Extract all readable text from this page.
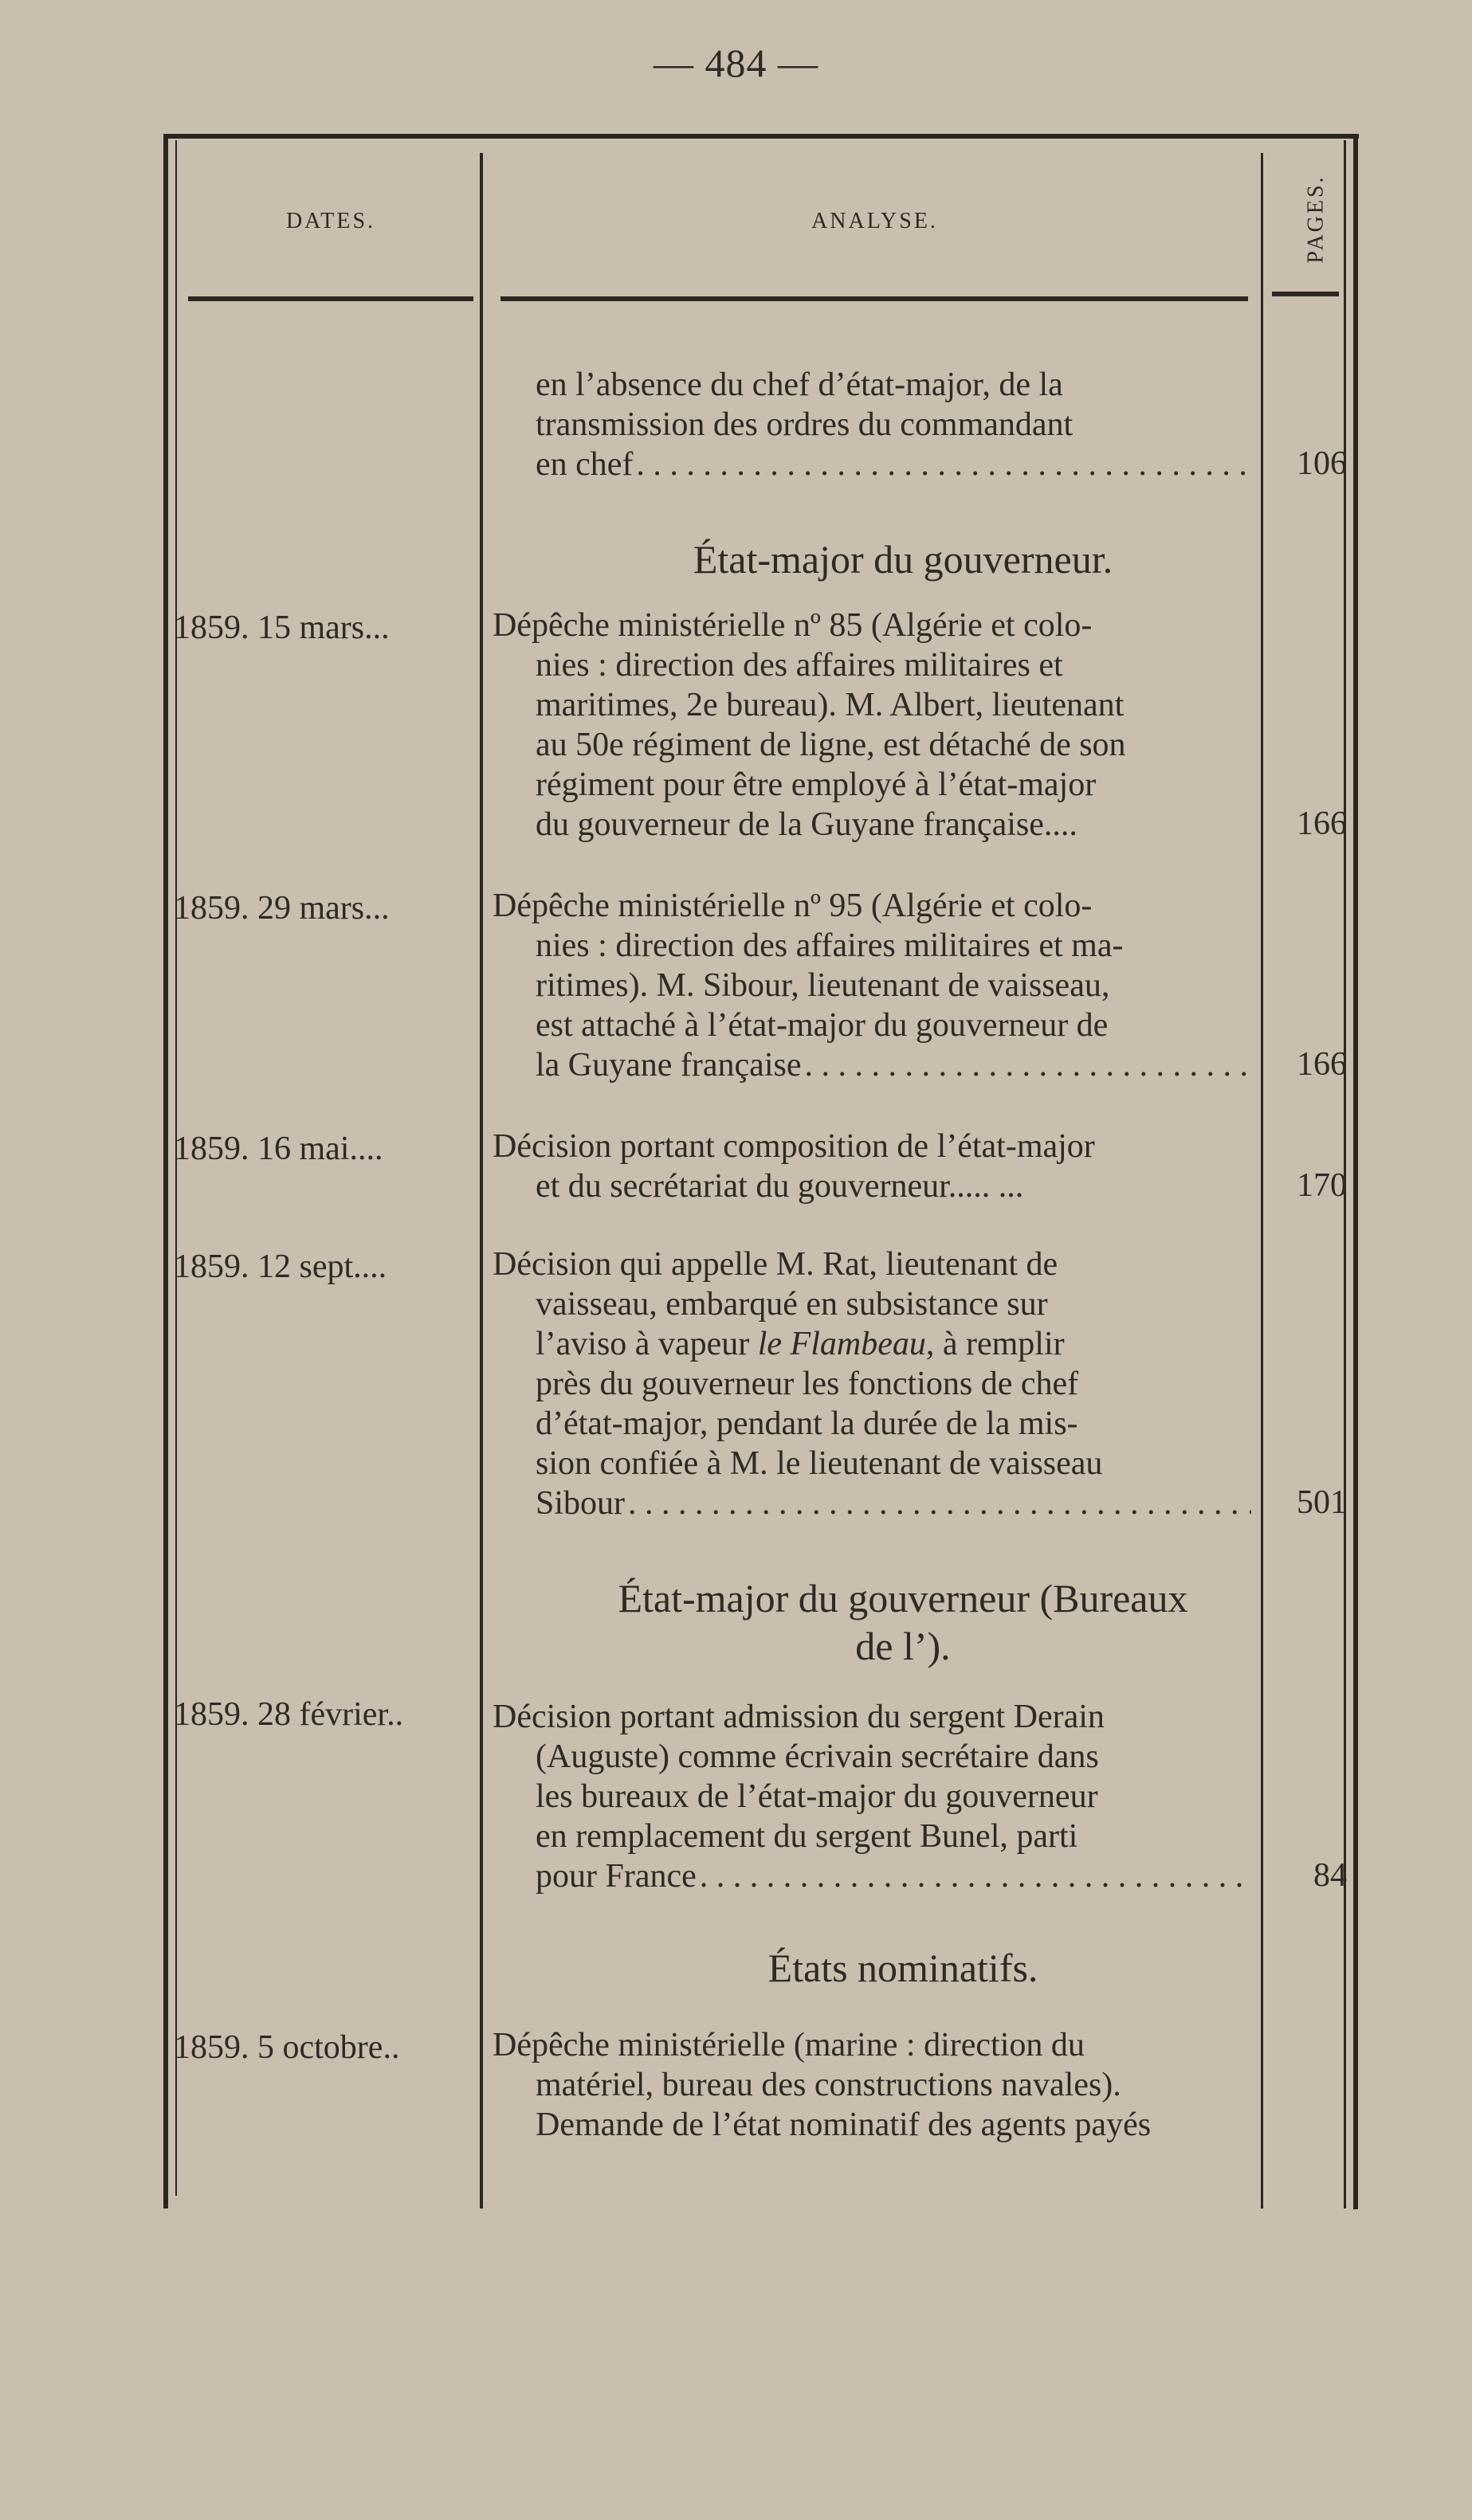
— 484 —
DATES.	ANALYSE.	PAGES.

en l’absence du chef d’état-major, de la

transmission des ordres du commandant

en chef . . .	106
État-major du gouverneur.
1859. 15 mars...	Dépêche ministérielle nº 85 (Algérie et colo-

nies : direction des affaires militaires et

maritimes, 2e bureau). M. Albert, lieutenant

au 50e régiment de ligne, est détaché de son

régiment pour être employé à l’état-major

du gouverneur de la Guyane française....	166
1859. 29 mars...	Dépêche ministérielle nº 95 (Algérie et colo-

nies : direction des affaires militaires et ma-

ritimes). M. Sibour, lieutenant de vaisseau,

est attaché à l’état-major du gouverneur de

la Guyane française . . .	166
1859. 16 mai....	Décision portant composition de l’état-major

et du secrétariat du gouverneur..... ...	170
1859. 12 sept....	Décision qui appelle M. Rat, lieutenant de

vaisseau, embarqué en subsistance sur

l’aviso à vapeur le Flambeau, à remplir

près du gouverneur les fonctions de chef

d’état-major, pendant la durée de la mis-

sion confiée à M. le lieutenant de vaisseau

Sibour . . .	501
État-major du gouverneur (Bureaux
de l’).
1859. 28 février..	Décision portant admission du sergent Derain

(Auguste) comme écrivain secrétaire dans

les bureaux de l’état-major du gouverneur

en remplacement du sergent Bunel, parti

pour France . . .	84
États nominatifs.
1859. 5 octobre..	Dépêche ministérielle (marine : direction du

matériel, bureau des constructions navales).

Demande de l’état nominatif des agents payés
